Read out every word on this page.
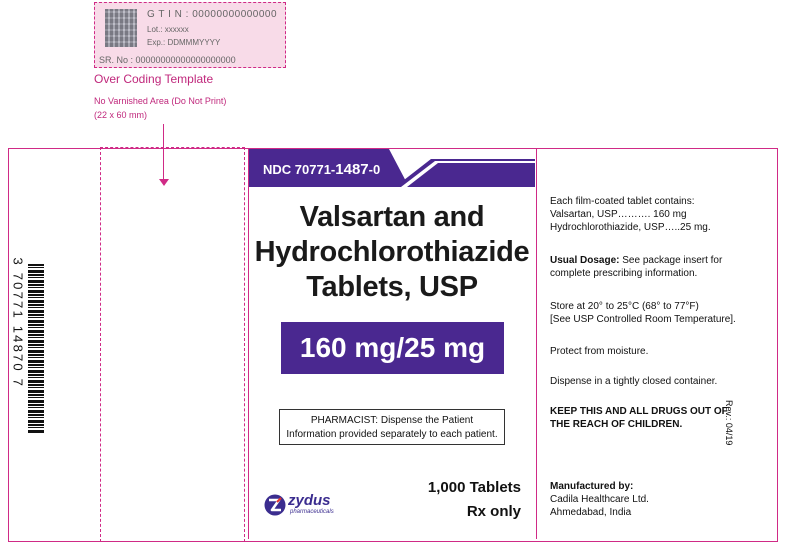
G T I N : 00000000000000
Lot.: xxxxxx
Exp.: DDMMMYYYY
SR. No : 00000000000000000000
Over Coding Template
No Varnished Area (Do Not Print)
(22 x 60 mm)
3 70771 14870 7
NDC 70771-1487-0
Valsartan and
Hydrochlorothiazide
Tablets, USP
160 mg/25 mg
PHARMACIST: Dispense the Patient
Information provided separately to each patient.
1,000 Tablets
Rx only
zydus
pharmaceuticals
Each film-coated tablet contains:
Valsartan, USP………. 160 mg
Hydrochlorothiazide, USP…..25 mg.
Usual Dosage: See package insert for
complete prescribing information.
Store at 20° to 25°C (68° to 77°F)
[See USP Controlled Room Temperature].
Protect from moisture.
Dispense in a tightly closed container.
KEEP THIS AND ALL DRUGS OUT OF
THE REACH OF CHILDREN.
Manufactured by:
Cadila Healthcare Ltd.
Ahmedabad, India
Rev.: 04/19
